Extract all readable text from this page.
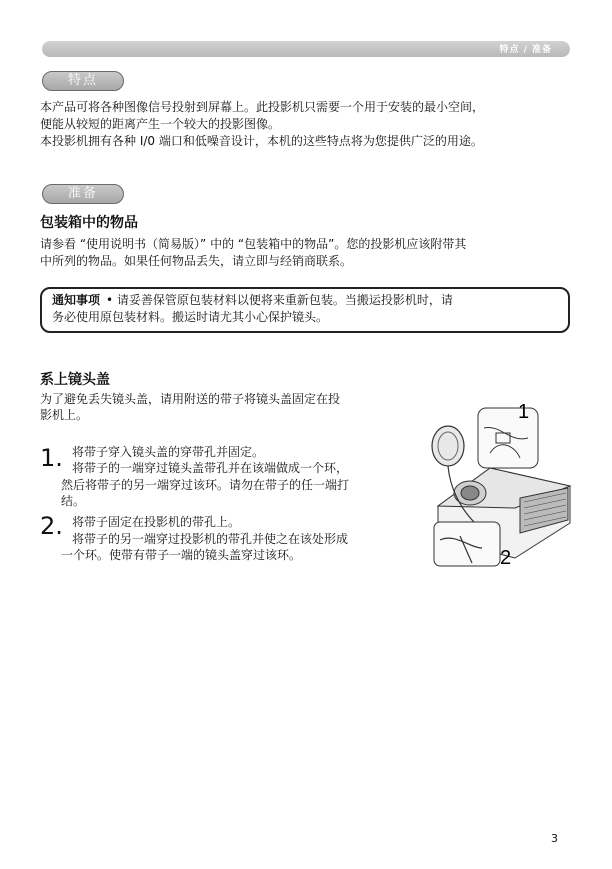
特点 / 准备
特点
本产品可将各种图像信号投射到屏幕上。此投影机只需要一个用于安装的最小空间，
便能从较短的距离产生一个较大的投影图像。
本投影机拥有各种 I/0 端口和低噪音设计，本机的这些特点将为您提供广泛的用途。
准备
包装箱中的物品
请参看 “使用说明书（简易版）” 中的 “包装箱中的物品”。您的投影机应该附带其
中所列的物品。如果任何物品丢失，请立即与经销商联系。
通知事项 • 请妥善保管原包装材料以便将来重新包装。当搬运投影机时，请
务必使用原包装材料。搬运时请尤其小心保护镜头。
系上镜头盖
为了避免丢失镜头盖，请用附送的带子将镜头盖固定在投
影机上。
1. 将带子穿入镜头盖的穿带孔并固定。
将带子的一端穿过镜头盖带孔并在该端做成一个环，
然后将带子的另一端穿过该环。请勿在带子的任一端打
结。
2. 将带子固定在投影机的带孔上。
将带子的另一端穿过投影机的带孔并使之在该处形成
一个环。使带有带子一端的镜头盖穿过该环。
1
2
3
